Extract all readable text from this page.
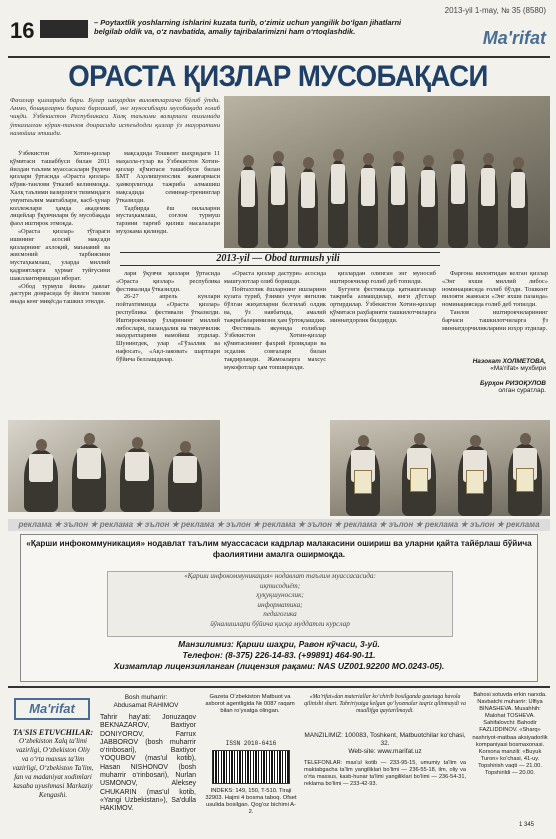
16	– Poytaxtlik yoshlarning ishlarini kuzata turib, o‘zimiz uchun yangilik bo‘lgan jihatlarni belgilab oldik va, o‘z navbatida, amaliy tajribalarimizni ham o‘rtoqlashdik.
2013-yil 1-may, № 35 (8580)
Ma'rifat
ОРАСТА ҚИЗЛАР МУСОБАҚАСИ
Фаоллар қизларида бари. Булар шаҳардан вилоятларгача бўлиб ўтди. Аммо, бошқаларни бирига бирлашиб, энг муносиблари мусобақада ғолиб чиқди. Ўзбекистон Республикаси Халқ таълими вазирлиги тизимида ўтказилган кўрик-танлов доирасида истеъдодли қизлар ўз маҳоратини намойиш этишди.
2013-yil — Obod turmush yili

Ўзбекистон Хотин-қизлар қўмитаси ташаббуси билан 2011 йилдан таълим муассасалари ўқувчи қизлари ўртасида «Ораста қизлар» кўрик-танлови ўтказиб келинмоқда. Халқ таълими вазирлиги тизимидаги умумтаълим мактаблари, касб-ҳунар коллежлари ҳамда академик лицейлар ўқувчилари бу мусобақада фаол иштирок этмоқда.

«Ораста қизлар» тўгараги ишининг асосий мақсади қизларнинг ахлоқий, маънавий ва жисмоний тарбиясини мустаҳкамлаш, уларда миллий қадриятларга ҳурмат туйғусини шакллантиришдан иборат.

«Обод турмуш йили» давлат дастури доирасида бу йилги танлов янада кенг миқёсда ташкил этилди.

мақсадида Тошкент шаҳридаги 11 маҳалла-гузар ва Ўзбекистон Хотин-қизлар қўмитаси ташаббуси билан БМТ Аҳолишунослик жамғармаси ҳамкорлигида тажриба алмашиш мақсадида семинар-тренинглар ўтказилди.

Тадбирда ёш оилаларни мустаҳкамлаш, соғлом турмуш тарзини тарғиб қилиш масалалари муҳокама қилинди.

лари ўқувчи қизлари ўртасида «Ораста қизлар» республика фестивалида ўтказилди.

26-27 апрель кунлари пойтахтимизда «Ораста қизлар» республика фестивали ўтказилди. Иштирокчилар ўзларининг миллий либослари, пазандалик ва тикувчилик маҳоратларини намойиш этдилар. Шунингдек, улар «Гўзаллик ва нафосат», «Ақл-заковат» шартлари бўйича беллашдилар.

«Ораста қизлар дастури» асосида машғулотлар олиб боришди.

Пойтахтлик ёшларнинг ишларини кузата туриб, ўзимиз учун янгилик бўлган жиҳатларни белгилаб олдик ва, ўз навбатида, амалий тажрибаларимизни ҳам ўртоқлашдик.

Фестиваль якунида ғолиблар Ўзбекистон Хотин-қизлар қўмитасининг фахрий ёрлиқлари ва эсдалик совғалари билан тақдирланди. Жамоаларга махсус мукофотлар ҳам топширилди.

қизлардан олинган энг муносиб иштирокчилар ғолиб деб топилди.

Бугунги фестивалда қатнашганлар тажриба алмашдилар, янги дўстлар ортирдилар. Ўзбекистон Хотин-қизлар қўмитаси раҳбарияти ташкилотчиларга миннатдорлик билдирди.

Фарғона вилоятидан келган қизлар «Энг яхши миллий либос» номинациясида ғолиб бўлди. Тошкент вилояти жамоаси «Энг яхши пазанда» номинациясида ғолиб деб топилди.

Танлов иштирокчиларининг барчаси ташкилотчиларга ўз миннатдорчиликларини изҳор этдилар.

Назокат ХОЛМЕТОВА,
«Ma'rifat» мухбири
Бурҳон РИЗОҚУЛОВ
олган суратлар.
реклама ★ эълон ★ реклама ★ эълон ★ реклама ★ эълон ★ реклама ★ эълон ★ реклама ★ эълон ★ реклама ★ эълон ★ реклама
«Қарши инфокоммуникация» нодавлат таълим муассасаси кадрлар малакасини ошириш ва уларни қайта тайёрлаш бўйича фаолиятини амалга оширмоқда.
«Қарши инфокоммуникация» нодавлат таълим муассасасида:
иқтисодиёт;
ҳуқуқшунослик;
информатика;
педагогика
йўналишлари бўйича қисқа муддатли курслар
Манзилимиз: Қарши шаҳри, Равон кўчаси, 3-уй.
Телефон: (8-375) 226-14-83. (+99891) 464-90-11.
Хизматлар лицензияланган (лицензия рақами: NAS UZ001.92200 MO.0243-05).
Ma'rifat
TA'SIS ETUVCHILAR:
O‘zbekiston Xalq ta'limi vazirligi, O‘zbekiston Oliy va o‘rta maxsus ta'lim vazirligi, O‘zbekiston Ta'lim, fan va madaniyat xodimlari kasaba uyushmasi Markaziy Kengashi.
Bosh muharrir:
Abdusamat RAHIMOV
Tahrir hay'ati: Jonuzaqov BEKNAZAROV, Baxtiyor DONIYOROV, Farrux JABBOROV (bosh muharrir o‘rinbosari), Baxtiyor YOQUBOV (mas'ul kotib), Hasan NISHONOV (bosh muharrir o‘rinbosari), Nurlan USMONOV, Aleksey CHUKARIN (mas'ul kotib, «Yangi Uzbekistan»), Sa'dulla HAKIMOV.
Gazeta O‘zbekiston Matbuot va axborot agentligida № 0087 raqam bilan ro‘yxatga olingan.
ISSN 2010-6416
INDEKS: 149, 150, T-510. Tiraji 32903. Hajmi 4 bosma taboq. Ofset usulida bosilgan. Qog‘oz bichimi A-2.
«Ma'rifat»dan materiallar ko‘chirib bosilganda gazetaga havola qilinishi shart. Tahririyatga kelgan qo‘lyozmalar taqriz qilinmaydi va muallifga qaytarilmaydi.
MANZILIMIZ: 100083, Toshkent, Matbuotchilar ko‘chasi, 32.
Web-site: www.marifat.uz
TELEFONLAR: mas'ul kotib — 233-95-15, umumiy ta'lim va maktabgacha ta'lim yangiliklari bo‘limi — 236-55-18, ilm, oliy va o‘rta maxsus, kasb-hunar ta'limi yangiliklari bo‘limi — 236-54-31, reklama bo‘limi — 233-42-93.
Bahosi sotuvda erkin narxda. Navbatchi muharrir: Ulfiya BINASHEVA. Musahhih: Malohat TOSHEVA. Sahifalovchi: Bahodir FAZLIDDINOV. «Sharq» nashriyot-matbaa aksiyadorlik kompaniyasi bosmaxonasi. Korxona manzili: «Buyuk Turon» ko‘chasi, 41-uy. Topshirish vaqti — 21.00. Topshirildi — 20.00.
1 345
